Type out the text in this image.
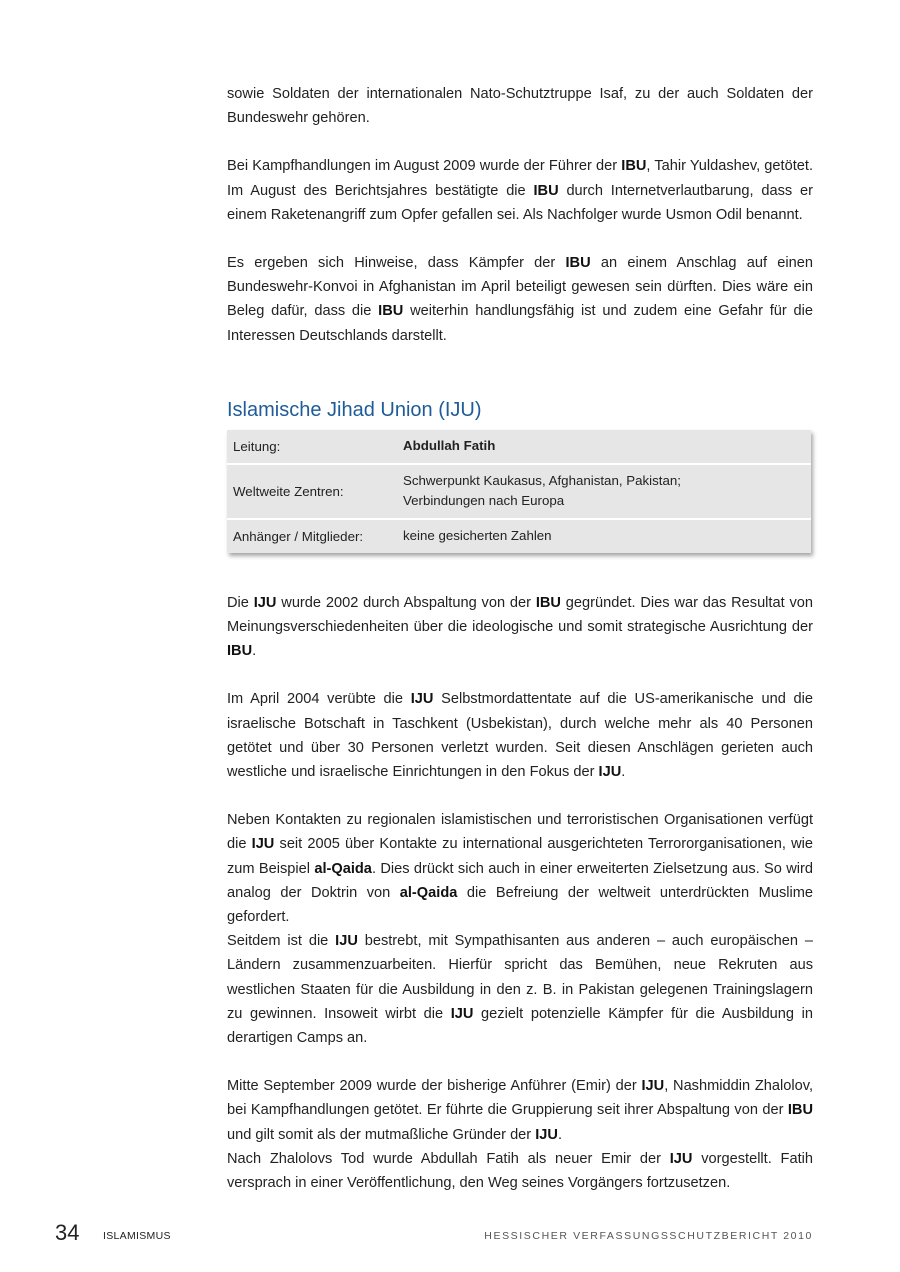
sowie Soldaten der internationalen Nato-Schutztruppe Isaf, zu der auch Soldaten der Bundeswehr gehören.

Bei Kampfhandlungen im August 2009 wurde der Führer der IBU, Tahir Yuldashev, getötet. Im August des Berichtsjahres bestätigte die IBU durch Internetverlautbarung, dass er einem Raketenangriff zum Opfer gefallen sei. Als Nachfolger wurde Usmon Odil benannt.

Es ergeben sich Hinweise, dass Kämpfer der IBU an einem Anschlag auf einen Bundeswehr-Konvoi in Afghanistan im April beteiligt gewesen sein dürften. Dies wäre ein Beleg dafür, dass die IBU weiterhin handlungsfähig ist und zudem eine Gefahr für die Interessen Deutschlands darstellt.

Islamische Jihad Union (IJU)
Leitung:	Abdullah Fatih

Weltweite Zentren:	Schwerpunkt Kaukasus, Afghanistan, Pakistan;
Verbindungen nach Europa

Anhänger / Mitglieder:	keine gesicherten Zahlen

Die IJU wurde 2002 durch Abspaltung von der IBU gegründet. Dies war das Resultat von Meinungsverschiedenheiten über die ideologische und somit strategische Ausrichtung der IBU.

Im April 2004 verübte die IJU Selbstmordattentate auf die US-amerikanische und die israelische Botschaft in Taschkent (Usbekistan), durch welche mehr als 40 Personen getötet und über 30 Personen verletzt wurden. Seit diesen Anschlägen gerieten auch westliche und israelische Einrichtungen in den Fokus der IJU.

Neben Kontakten zu regionalen islamistischen und terroristischen Organisationen verfügt die IJU seit 2005 über Kontakte zu international ausgerichteten Terrororganisationen, wie zum Beispiel al-Qaida. Dies drückt sich auch in einer erweiterten Zielsetzung aus. So wird analog der Doktrin von al-Qaida die Befreiung der weltweit unterdrückten Muslime gefordert.

Seitdem ist die IJU bestrebt, mit Sympathisanten aus anderen – auch europäischen – Ländern zusammenzuarbeiten. Hierfür spricht das Bemühen, neue Rekruten aus westlichen Staaten für die Ausbildung in den z. B. in Pakistan gelegenen Trainingslagern zu gewinnen. Insoweit wirbt die IJU gezielt potenzielle Kämpfer für die Ausbildung in derartigen Camps an.

Mitte September 2009 wurde der bisherige Anführer (Emir) der IJU, Nashmiddin Zhalolov, bei Kampfhandlungen getötet. Er führte die Gruppierung seit ihrer Abspaltung von der IBU und gilt somit als der mutmaßliche Gründer der IJU.

Nach Zhalolovs Tod wurde Abdullah Fatih als neuer Emir der IJU vorgestellt. Fatih versprach in einer Veröffentlichung, den Weg seines Vorgängers fortzusetzen.

34 ISLAMISMUS	HESSISCHER VERFASSUNGSSCHUTZBERICHT 2010
